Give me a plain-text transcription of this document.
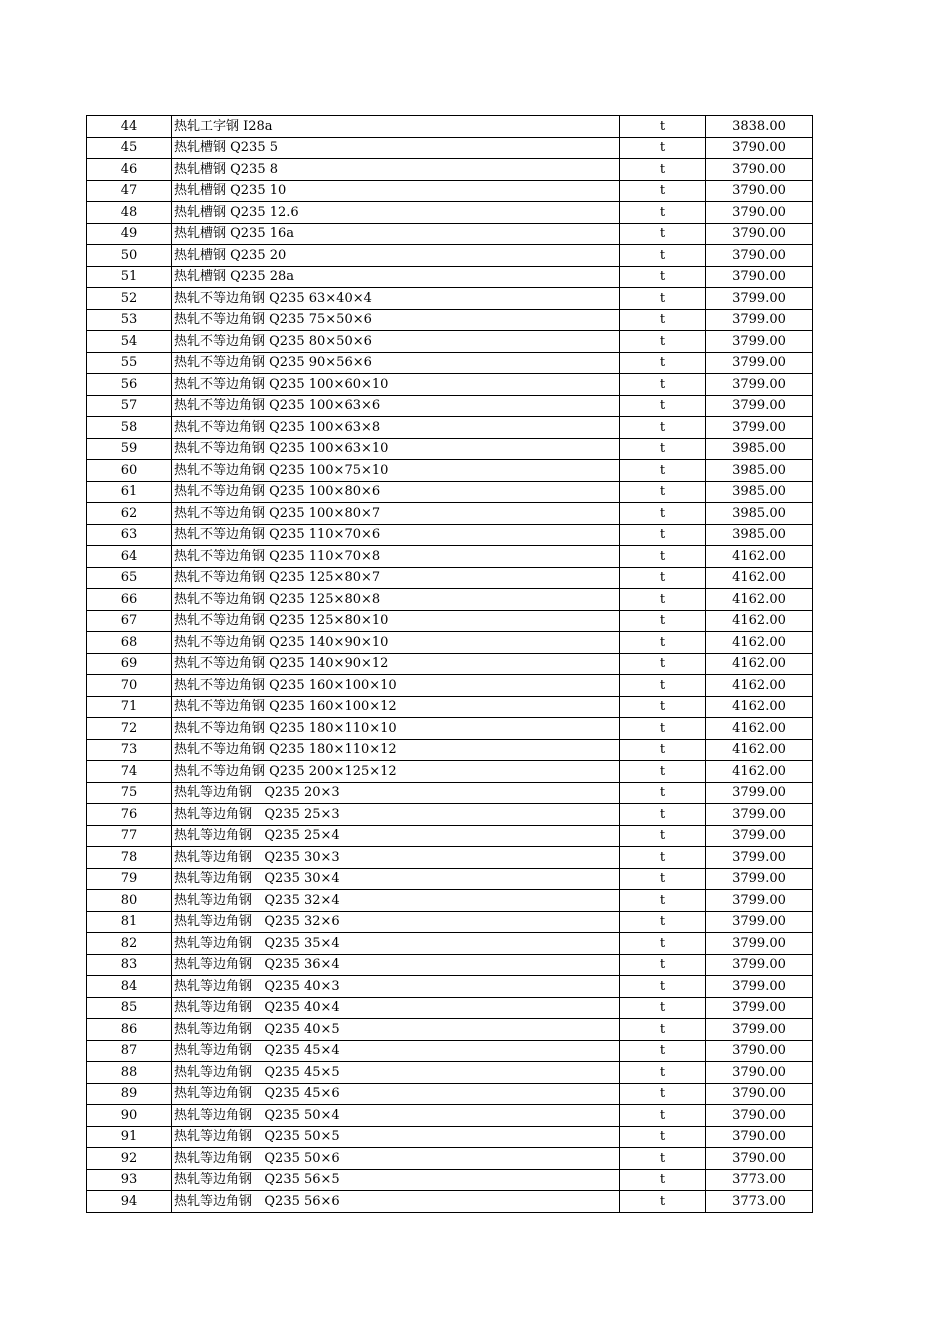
44	热轧工字钢 I28a	t	3838.00
45	热轧槽钢 Q235 5	t	3790.00
46	热轧槽钢 Q235 8	t	3790.00
47	热轧槽钢 Q235 10	t	3790.00
48	热轧槽钢 Q235 12.6	t	3790.00
49	热轧槽钢 Q235 16a	t	3790.00
50	热轧槽钢 Q235 20	t	3790.00
51	热轧槽钢 Q235 28a	t	3790.00
52	热轧不等边角钢 Q235 63×40×4	t	3799.00
53	热轧不等边角钢 Q235 75×50×6	t	3799.00
54	热轧不等边角钢 Q235 80×50×6	t	3799.00
55	热轧不等边角钢 Q235 90×56×6	t	3799.00
56	热轧不等边角钢 Q235 100×60×10	t	3799.00
57	热轧不等边角钢 Q235 100×63×6	t	3799.00
58	热轧不等边角钢 Q235 100×63×8	t	3799.00
59	热轧不等边角钢 Q235 100×63×10	t	3985.00
60	热轧不等边角钢 Q235 100×75×10	t	3985.00
61	热轧不等边角钢 Q235 100×80×6	t	3985.00
62	热轧不等边角钢 Q235 100×80×7	t	3985.00
63	热轧不等边角钢 Q235 110×70×6	t	3985.00
64	热轧不等边角钢 Q235 110×70×8	t	4162.00
65	热轧不等边角钢 Q235 125×80×7	t	4162.00
66	热轧不等边角钢 Q235 125×80×8	t	4162.00
67	热轧不等边角钢 Q235 125×80×10	t	4162.00
68	热轧不等边角钢 Q235 140×90×10	t	4162.00
69	热轧不等边角钢 Q235 140×90×12	t	4162.00
70	热轧不等边角钢 Q235 160×100×10	t	4162.00
71	热轧不等边角钢 Q235 160×100×12	t	4162.00
72	热轧不等边角钢 Q235 180×110×10	t	4162.00
73	热轧不等边角钢 Q235 180×110×12	t	4162.00
74	热轧不等边角钢 Q235 200×125×12	t	4162.00
75	热轧等边角钢   Q235 20×3	t	3799.00
76	热轧等边角钢   Q235 25×3	t	3799.00
77	热轧等边角钢   Q235 25×4	t	3799.00
78	热轧等边角钢   Q235 30×3	t	3799.00
79	热轧等边角钢   Q235 30×4	t	3799.00
80	热轧等边角钢   Q235 32×4	t	3799.00
81	热轧等边角钢   Q235 32×6	t	3799.00
82	热轧等边角钢   Q235 35×4	t	3799.00
83	热轧等边角钢   Q235 36×4	t	3799.00
84	热轧等边角钢   Q235 40×3	t	3799.00
85	热轧等边角钢   Q235 40×4	t	3799.00
86	热轧等边角钢   Q235 40×5	t	3799.00
87	热轧等边角钢   Q235 45×4	t	3790.00
88	热轧等边角钢   Q235 45×5	t	3790.00
89	热轧等边角钢   Q235 45×6	t	3790.00
90	热轧等边角钢   Q235 50×4	t	3790.00
91	热轧等边角钢   Q235 50×5	t	3790.00
92	热轧等边角钢   Q235 50×6	t	3790.00
93	热轧等边角钢   Q235 56×5	t	3773.00
94	热轧等边角钢   Q235 56×6	t	3773.00
